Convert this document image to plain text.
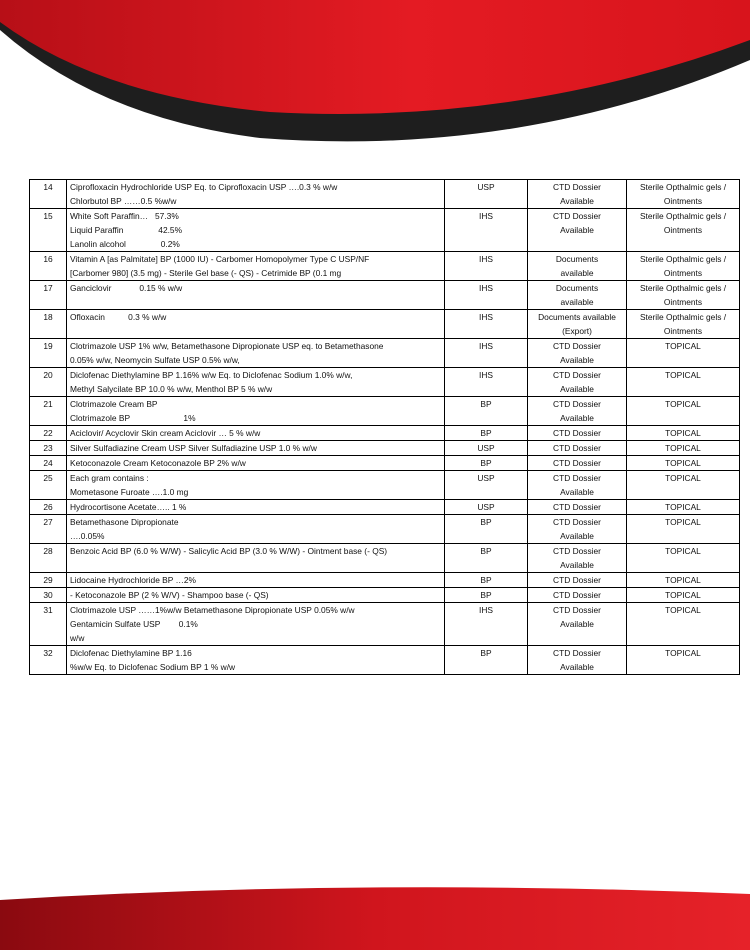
14	Ciprofloxacin Hydrochloride USP Eq. to Ciprofloxacin USP ….0.3 % w/w
Chlorbutol BP ……0.5 %w/w	USP	CTD Dossier
Available	Sterile Opthalmic gels /
Ointments
15	White Soft Paraffin…   57.3%
Liquid Paraffin               42.5%
Lanolin alcohol               0.2%	IHS	CTD Dossier
Available	Sterile Opthalmic gels /
Ointments
16	Vitamin A [as Palmitate] BP (1000 IU) - Carbomer Homopolymer Type C USP/NF
[Carbomer 980] (3.5 mg) - Sterile Gel base (- QS) - Cetrimide BP (0.1 mg	IHS	Documents
available	Sterile Opthalmic gels /
Ointments
17	Ganciclovir            0.15 % w/w	IHS	Documents
available	Sterile Opthalmic gels /
Ointments
18	Ofloxacin          0.3 % w/w	IHS	Documents available
(Export)	Sterile Opthalmic gels /
Ointments
19	Clotrimazole USP 1% w/w, Betamethasone Dipropionate USP eq. to Betamethasone
0.05% w/w, Neomycin Sulfate USP 0.5% w/w,	IHS	CTD Dossier
Available	TOPICAL
20	Diclofenac Diethylamine BP 1.16% w/w Eq. to Diclofenac Sodium 1.0% w/w,
Methyl Salycilate BP 10.0 % w/w, Menthol BP 5 % w/w	IHS	CTD Dossier
Available	TOPICAL
21	Clotrimazole Cream BP
Clotrimazole BP                       1%	BP	CTD Dossier
Available	TOPICAL
22	Aciclovir/ Acyclovir Skin cream Aciclovir … 5 % w/w	BP	CTD Dossier	TOPICAL
23	Silver Sulfadiazine Cream USP Silver Sulfadiazine USP 1.0 % w/w	USP	CTD Dossier	TOPICAL
24	Ketoconazole Cream Ketoconazole BP 2% w/w	BP	CTD Dossier	TOPICAL
25	Each gram contains :
Mometasone Furoate ….1.0 mg	USP	CTD Dossier
Available	TOPICAL
26	Hydrocortisone Acetate….. 1 %	USP	CTD Dossier	TOPICAL
27	Betamethasone Dipropionate
….0.05%	BP	CTD Dossier
Available	TOPICAL
28	Benzoic Acid BP (6.0 % W/W) - Salicylic Acid BP (3.0 % W/W) - Ointment base (- QS)	BP	CTD Dossier
Available	TOPICAL
29	Lidocaine Hydrochloride BP …2%	BP	CTD Dossier	TOPICAL
30	- Ketoconazole BP (2 % W/V) - Shampoo base (- QS)	BP	CTD Dossier	TOPICAL
31	Clotrimazole USP ……1%w/w Betamethasone Dipropionate USP 0.05% w/w
Gentamicin Sulfate USP        0.1%
w/w	IHS	CTD Dossier
Available	TOPICAL
32	Diclofenac Diethylamine BP 1.16
%w/w Eq. to Diclofenac Sodium BP 1 % w/w	BP	CTD Dossier
Available	TOPICAL
